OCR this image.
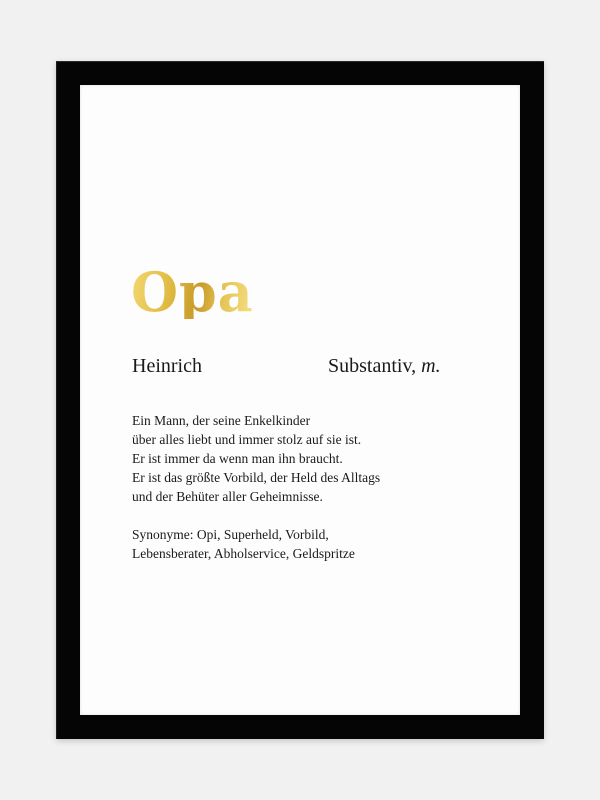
Opa

Heinrich	Substantiv, m.

Ein Mann, der seine Enkelkinder
über alles liebt und immer stolz auf sie ist.
Er ist immer da wenn man ihn braucht.
Er ist das größte Vorbild, der Held des Alltags
und der Behüter aller Geheimnisse.

Synonyme: Opi, Superheld, Vorbild,
Lebensberater, Abholservice, Geldspritze
